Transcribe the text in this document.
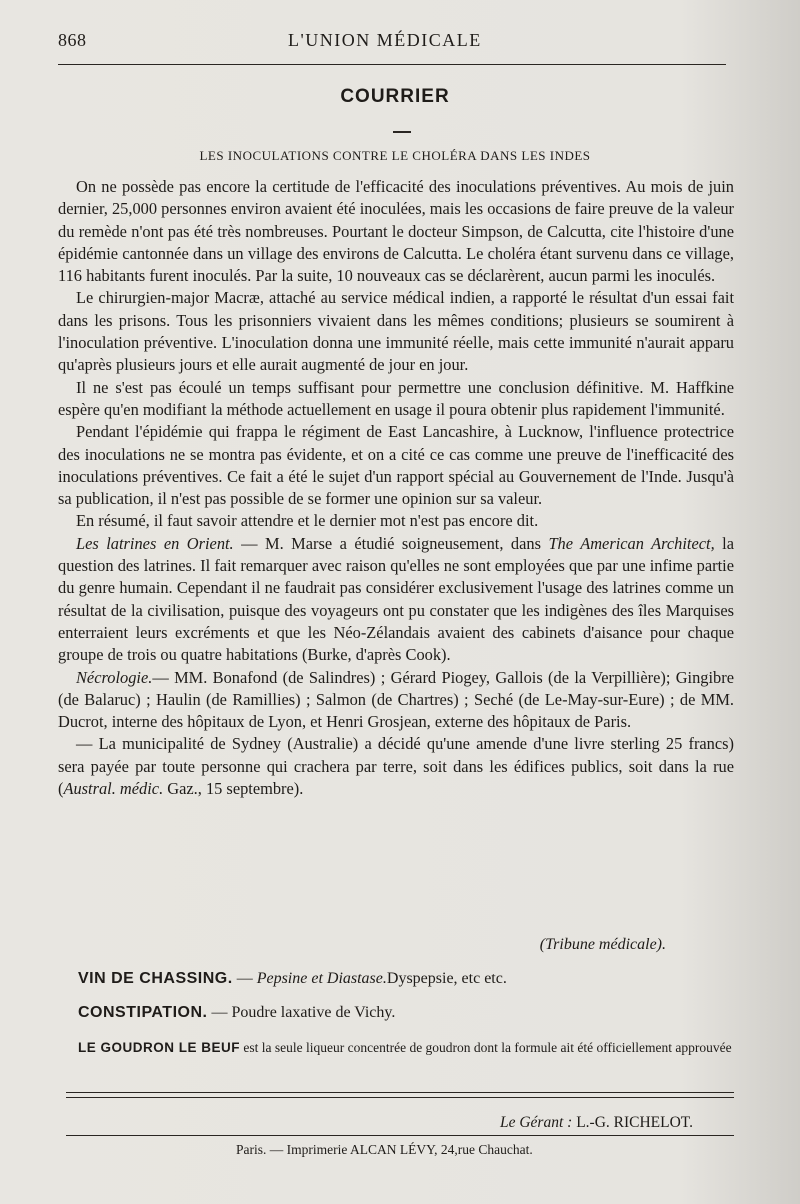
868	L'UNION MÉDICALE
COURRIER
LES INOCULATIONS CONTRE LE CHOLÉRA DANS LES INDES

On ne possède pas encore la certitude de l'efficacité des inoculations préventives. Au mois de juin dernier, 25,000 personnes environ avaient été inoculées, mais les occasions de faire preuve de la valeur du remède n'ont pas été très nombreuses. Pourtant le docteur Simpson, de Calcutta, cite l'histoire d'une épidémie cantonnée dans un village des environs de Calcutta. Le choléra étant survenu dans ce village, 116 habitants furent inoculés. Par la suite, 10 nouveaux cas se déclarèrent, aucun parmi les inoculés.

Le chirurgien-major Macræ, attaché au service médical indien, a rapporté le résultat d'un essai fait dans les prisons. Tous les prisonniers vivaient dans les mêmes conditions; plusieurs se soumirent à l'inoculation préventive. L'inoculation donna une immunité réelle, mais cette immunité n'aurait apparu qu'après plusieurs jours et elle aurait augmenté de jour en jour.

Il ne s'est pas écoulé un temps suffisant pour permettre une conclusion définitive. M. Haffkine espère qu'en modifiant la méthode actuellement en usage il poura obtenir plus rapidement l'immunité.

Pendant l'épidémie qui frappa le régiment de East Lancashire, à Lucknow, l'influence protectrice des inoculations ne se montra pas évidente, et on a cité ce cas comme une preuve de l'inefficacité des inoculations préventives. Ce fait a été le sujet d'un rapport spécial au Gouvernement de l'Inde. Jusqu'à sa publication, il n'est pas possible de se former une opinion sur sa valeur.

En résumé, il faut savoir attendre et le dernier mot n'est pas encore dit.

Les latrines en Orient. — M. Marse a étudié soigneusement, dans The American Architect, la question des latrines. Il fait remarquer avec raison qu'elles ne sont employées que par une infime partie du genre humain. Cependant il ne faudrait pas considérer exclusivement l'usage des latrines comme un résultat de la civilisation, puisque des voyageurs ont pu constater que les indigènes des îles Marquises enterraient leurs excréments et que les Néo-Zélandais avaient des cabinets d'aisance pour chaque groupe de trois ou quatre habitations (Burke, d'après Cook).

Nécrologie.— MM. Bonafond (de Salindres) ; Gérard Piogey, Gallois (de la Verpillière); Gingibre (de Balaruc) ; Haulin (de Ramillies) ; Salmon (de Chartres) ; Seché (de Le-May-sur-Eure) ; de MM. Ducrot, interne des hôpitaux de Lyon, et Henri Grosjean, externe des hôpitaux de Paris.

— La municipalité de Sydney (Australie) a décidé qu'une amende d'une livre sterling 25 francs) sera payée par toute personne qui crachera par terre, soit dans les édifices publics, soit dans la rue (Austral. médic. Gaz., 15 septembre).

(Tribune médicale).
VIN DE CHASSING. — Pepsine et Diastase.Dyspepsie, etc etc.
CONSTIPATION. — Poudre laxative de Vichy.
LE GOUDRON LE BEUF est la seule liqueur concentrée de goudron dont la formule ait été officiellement approuvée
Le Gérant : L.-G. RICHELOT.
Paris. — Imprimerie ALCAN LÉVY, 24,rue Chauchat.
